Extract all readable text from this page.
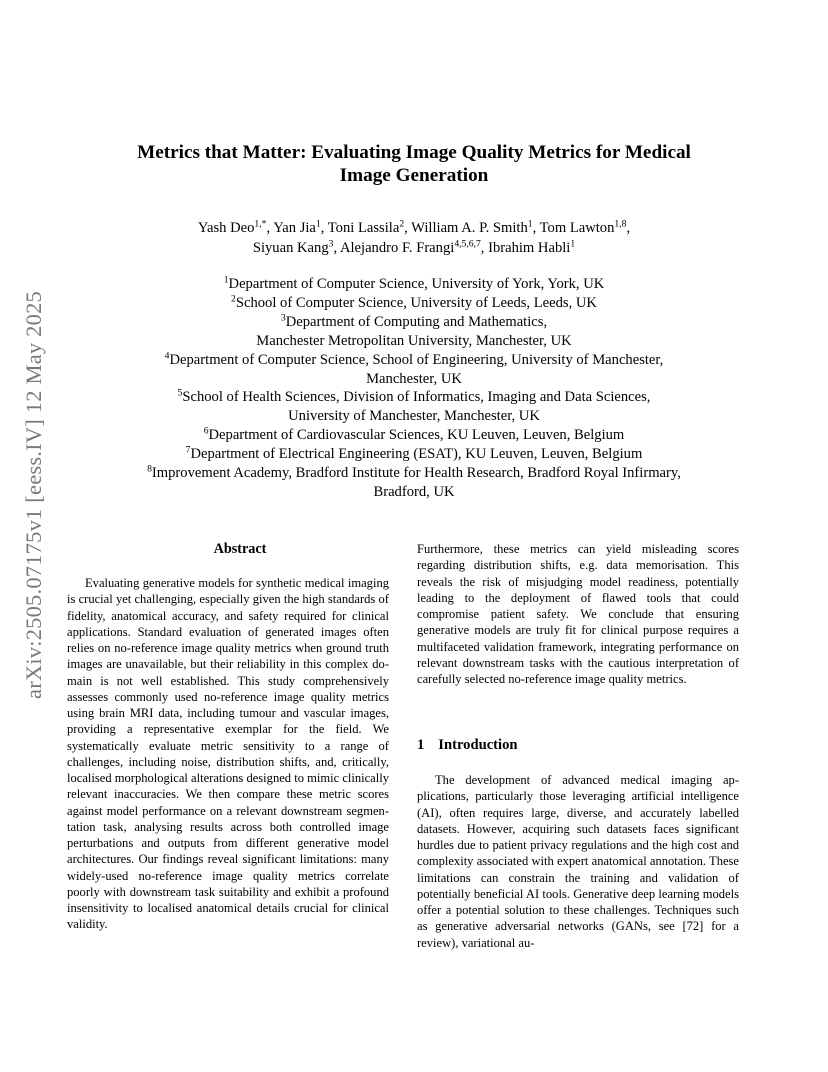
arXiv:2505.07175v1 [eess.IV] 12 May 2025
Metrics that Matter: Evaluating Image Quality Metrics for Medical
Image Generation
Yash Deo$^{1,*}$, Yan Jia$^1$, Toni Lassila$^2$, William A. P. Smith$^1$, Tom Lawton$^{1,8}$,
Siyuan Kang$^3$, Alejandro F. Frangi$^{4,5,6,7}$, Ibrahim Habli$^1$
$^1$Department of Computer Science, University of York, York, UK
$^2$School of Computer Science, University of Leeds, Leeds, UK
$^3$Department of Computing and Mathematics,
Manchester Metropolitan University, Manchester, UK
$^4$Department of Computer Science, School of Engineering, University of Manchester,
Manchester, UK
$^5$School of Health Sciences, Division of Informatics, Imaging and Data Sciences,
University of Manchester, Manchester, UK
$^6$Department of Cardiovascular Sciences, KU Leuven, Leuven, Belgium
$^7$Department of Electrical Engineering (ESAT), KU Leuven, Leuven, Belgium
$^8$Improvement Academy, Bradford Institute for Health Research, Bradford Royal Infirmary,
Bradford, UK
Abstract

Evaluating generative models for synthetic medical imaging is crucial yet challenging, especially given the high standards of fidelity, anatomical accuracy, and safety required for clinical applications. Standard evaluation of generated images often relies on no-reference image quality metrics when ground truth images are unavailable, but their reliability in this complex domain is not well established. This study comprehensively assesses commonly used no-reference image quality metrics using brain MRI data, including tumour and vascular images, providing a representative exemplar for the field. We systematically evaluate metric sensitivity to a range of challenges, including noise, distribution shifts, and, critically, localised morphological alterations designed to mimic clinically relevant inaccuracies. We then compare these metric scores against model performance on a relevant downstream segmentation task, analysing results across both controlled image perturbations and outputs from different generative model architectures. Our findings reveal significant limitations: many widely-used no-reference image quality metrics correlate poorly with downstream task suitability and exhibit a profound insensitivity to localised anatomical details crucial for clinical validity.

Furthermore, these metrics can yield misleading scores regarding distribution shifts, e.g. data memorisation. This reveals the risk of misjudging model readiness, potentially leading to the deployment of flawed tools that could compromise patient safety. We conclude that ensuring generative models are truly fit for clinical purpose requires a multifaceted validation framework, integrating performance on relevant downstream tasks with the cautious interpretation of carefully selected no-reference image quality metrics.

1 Introduction

The development of advanced medical imaging applications, particularly those leveraging artificial intelligence (AI), often requires large, diverse, and accurately labelled datasets. However, acquiring such datasets faces significant hurdles due to patient privacy regulations and the high cost and complexity associated with expert anatomical annotation. These limitations can constrain the training and validation of potentially beneficial AI tools. Generative deep learning models offer a potential solution to these challenges. Techniques such as generative adversarial networks (GANs, see [72] for a review), variational au-
